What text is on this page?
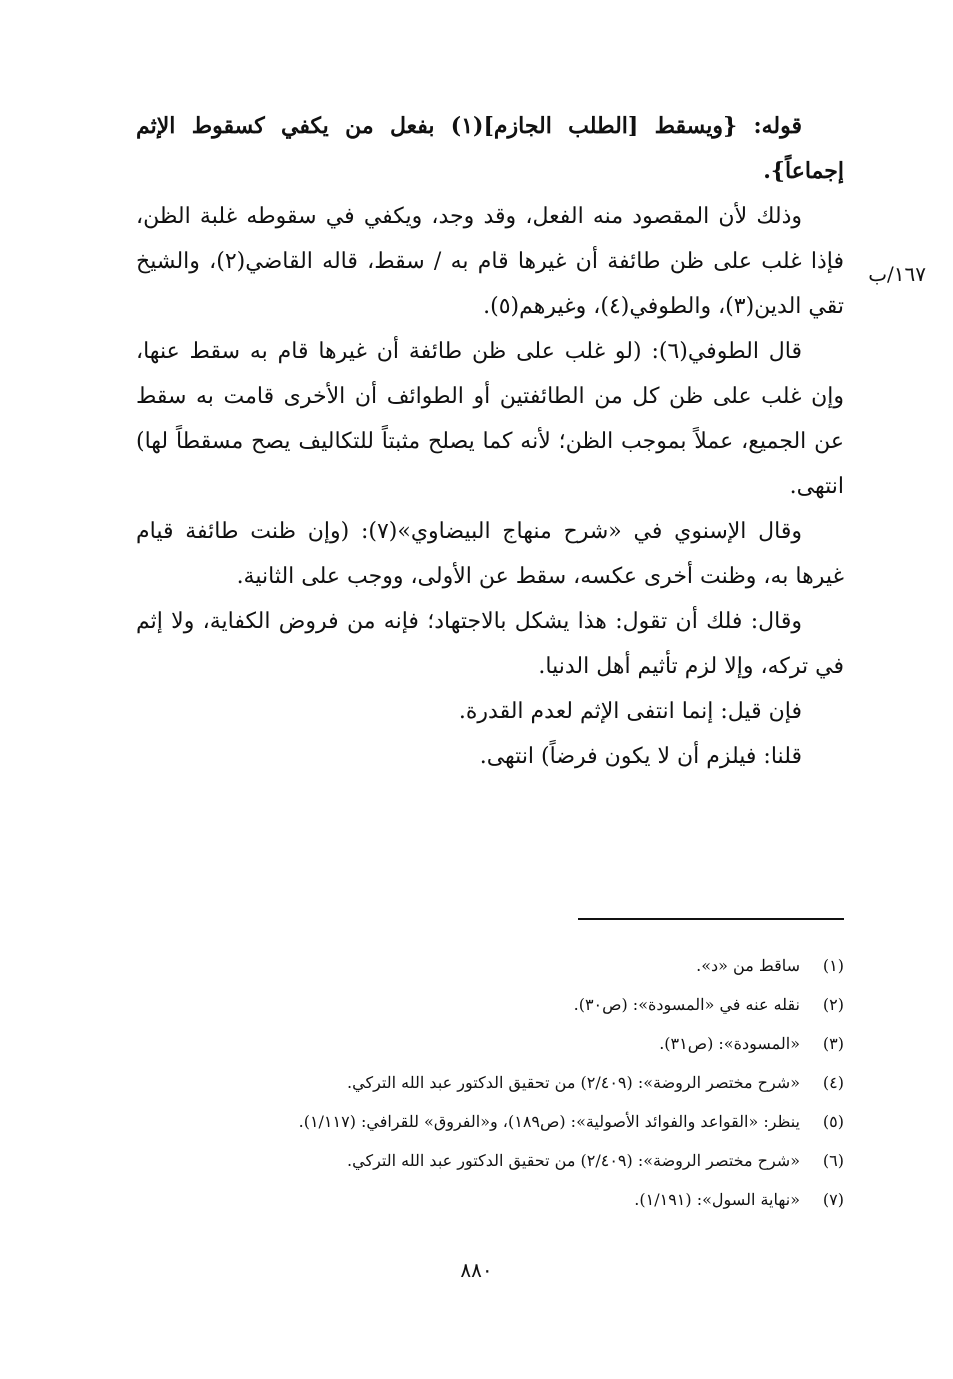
قوله: {ويسقط [الطلب الجازم](١) بفعل من يكفي كسقوط الإثم إجماعاً}.

وذلك لأن المقصود منه الفعل، وقد وجد، ويكفي في سقوطه غلبة الظن، فإذا غلب على ظن طائفة أن غيرها قام به / سقط، قاله القاضي(٢)، والشيخ تقي الدين(٣)، والطوفي(٤)، وغيرهم(٥).

قال الطوفي(٦): (لو غلب على ظن طائفة أن غيرها قام به سقط عنها، وإن غلب على ظن كل من الطائفتين أو الطوائف أن الأخرى قامت به سقط عن الجميع، عملاً بموجب الظن؛ لأنه كما يصلح مثبتاً للتكاليف يصح مسقطاً لها) انتهى.

وقال الإسنوي في «شرح منهاج البيضاوي»(٧): (وإن ظنت طائفة قيام غيرها به، وظنت أخرى عكسه، سقط عن الأولى، ووجب على الثانية.

وقال: فلك أن تقول: هذا يشكل بالاجتهاد؛ فإنه من فروض الكفاية، ولا إثم في تركه، وإلا لزم تأثيم أهل الدنيا.

فإن قيل: إنما انتفى الإثم لعدم القدرة.

قلنا: فيلزم أن لا يكون فرضاً) انتهى.

١٦٧/ب
(١)
ساقط من «د».
(٢)
نقله عنه في «المسودة»: (ص٣٠).
(٣)
«المسودة»: (ص٣١).
(٤)
«شرح مختصر الروضة»: (٢/٤٠٩) من تحقيق الدكتور عبد الله التركي.
(٥)
ينظر: «القواعد والفوائد الأصولية»: (ص١٨٩)، و«الفروق» للقرافي: (١/١١٧).
(٦)
«شرح مختصر الروضة»: (٢/٤٠٩) من تحقيق الدكتور عبد الله التركي.
(٧)
«نهاية السول»: (١/١٩١).
٨٨٠
